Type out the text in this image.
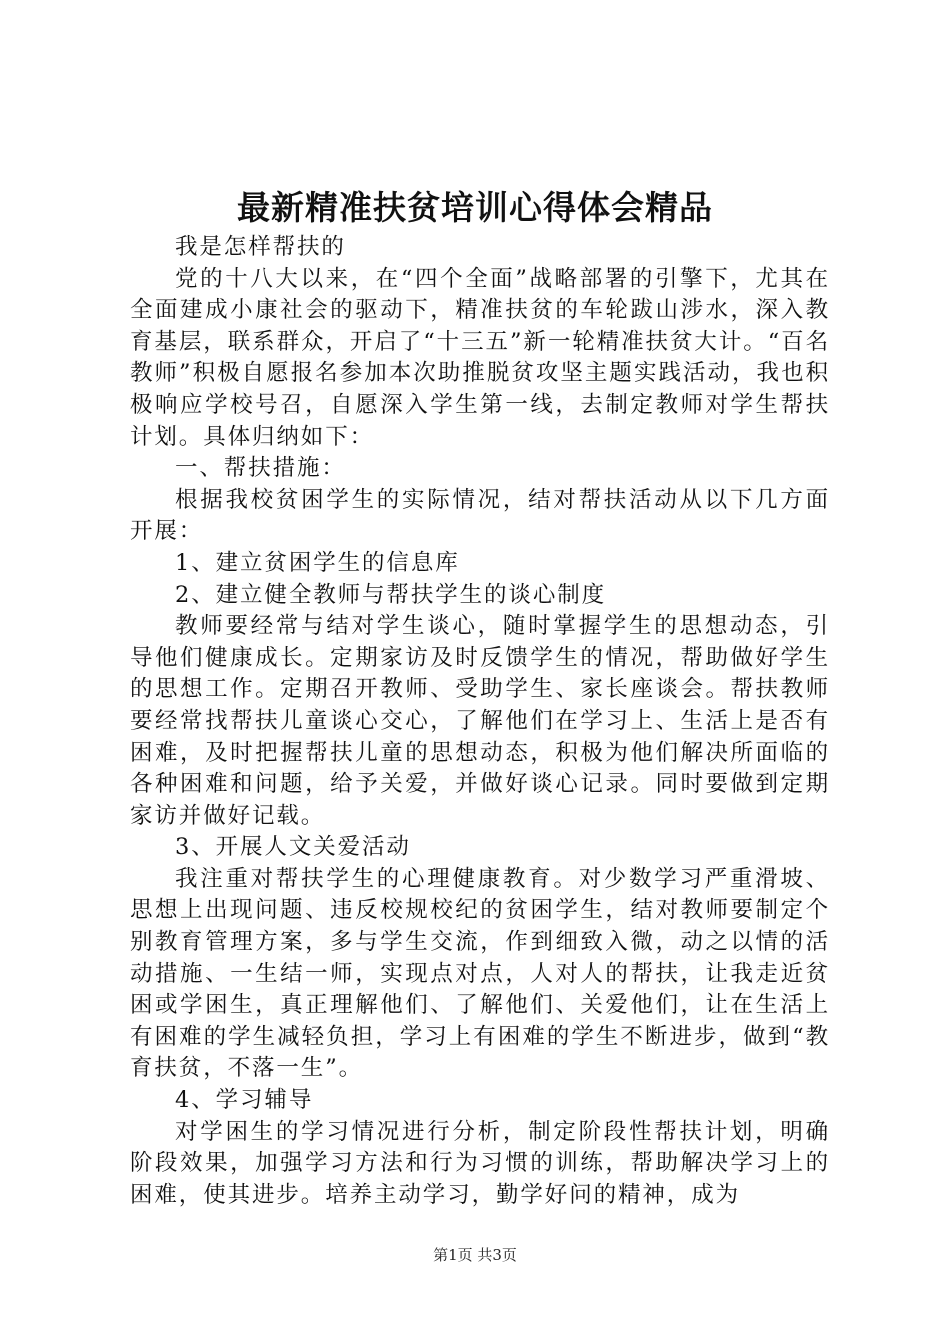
最新精准扶贫培训心得体会精品

我是怎样帮扶的

党的十八大以来，在“四个全面”战略部署的引擎下，尤其在全面建成小康社会的驱动下，精准扶贫的车轮跋山涉水，深入教育基层，联系群众，开启了“十三五”新一轮精准扶贫大计。“百名教师”积极自愿报名参加本次助推脱贫攻坚主题实践活动，我也积极响应学校号召，自愿深入学生第一线，去制定教师对学生帮扶计划。具体归纳如下：

一、帮扶措施：

根据我校贫困学生的实际情况，结对帮扶活动从以下几方面开展：

1、建立贫困学生的信息库

2、建立健全教师与帮扶学生的谈心制度

教师要经常与结对学生谈心，随时掌握学生的思想动态，引导他们健康成长。定期家访及时反馈学生的情况，帮助做好学生的思想工作。定期召开教师、受助学生、家长座谈会。帮扶教师要经常找帮扶儿童谈心交心，了解他们在学习上、生活上是否有困难，及时把握帮扶儿童的思想动态，积极为他们解决所面临的各种困难和问题，给予关爱，并做好谈心记录。同时要做到定期家访并做好记载。

3、开展人文关爱活动

我注重对帮扶学生的心理健康教育。对少数学习严重滑坡、思想上出现问题、违反校规校纪的贫困学生，结对教师要制定个别教育管理方案，多与学生交流，作到细致入微，动之以情的活动措施、一生结一师，实现点对点，人对人的帮扶，让我走近贫困或学困生，真正理解他们、了解他们、关爱他们，让在生活上有困难的学生减轻负担，学习上有困难的学生不断进步，做到“教育扶贫，不落一生”。

4、学习辅导

对学困生的学习情况进行分析，制定阶段性帮扶计划，明确阶段效果，加强学习方法和行为习惯的训练，帮助解决学习上的困难，使其进步。培养主动学习，勤学好问的精神，成为

第1页 共3页
